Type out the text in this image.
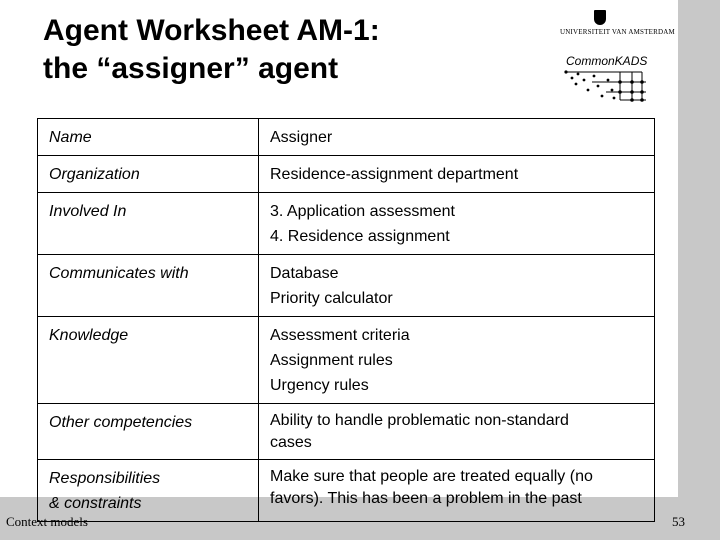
Agent Worksheet AM-1:
the “assigner” agent
UNIVERSITEIT VAN AMSTERDAM
CommonKADS
Name	Assigner
Organization	Residence-assignment department
Involved In	3. Application assessment
4. Residence assignment

Communicates with	Database
Priority calculator

Knowledge	Assessment criteria
Assignment rules
Urgency rules

Other competencies	Ability to handle problematic non-standard
cases

Responsibilities
& constraints	Make sure that people are treated equally (no
favors). This has been a problem in the past
Context models	53
